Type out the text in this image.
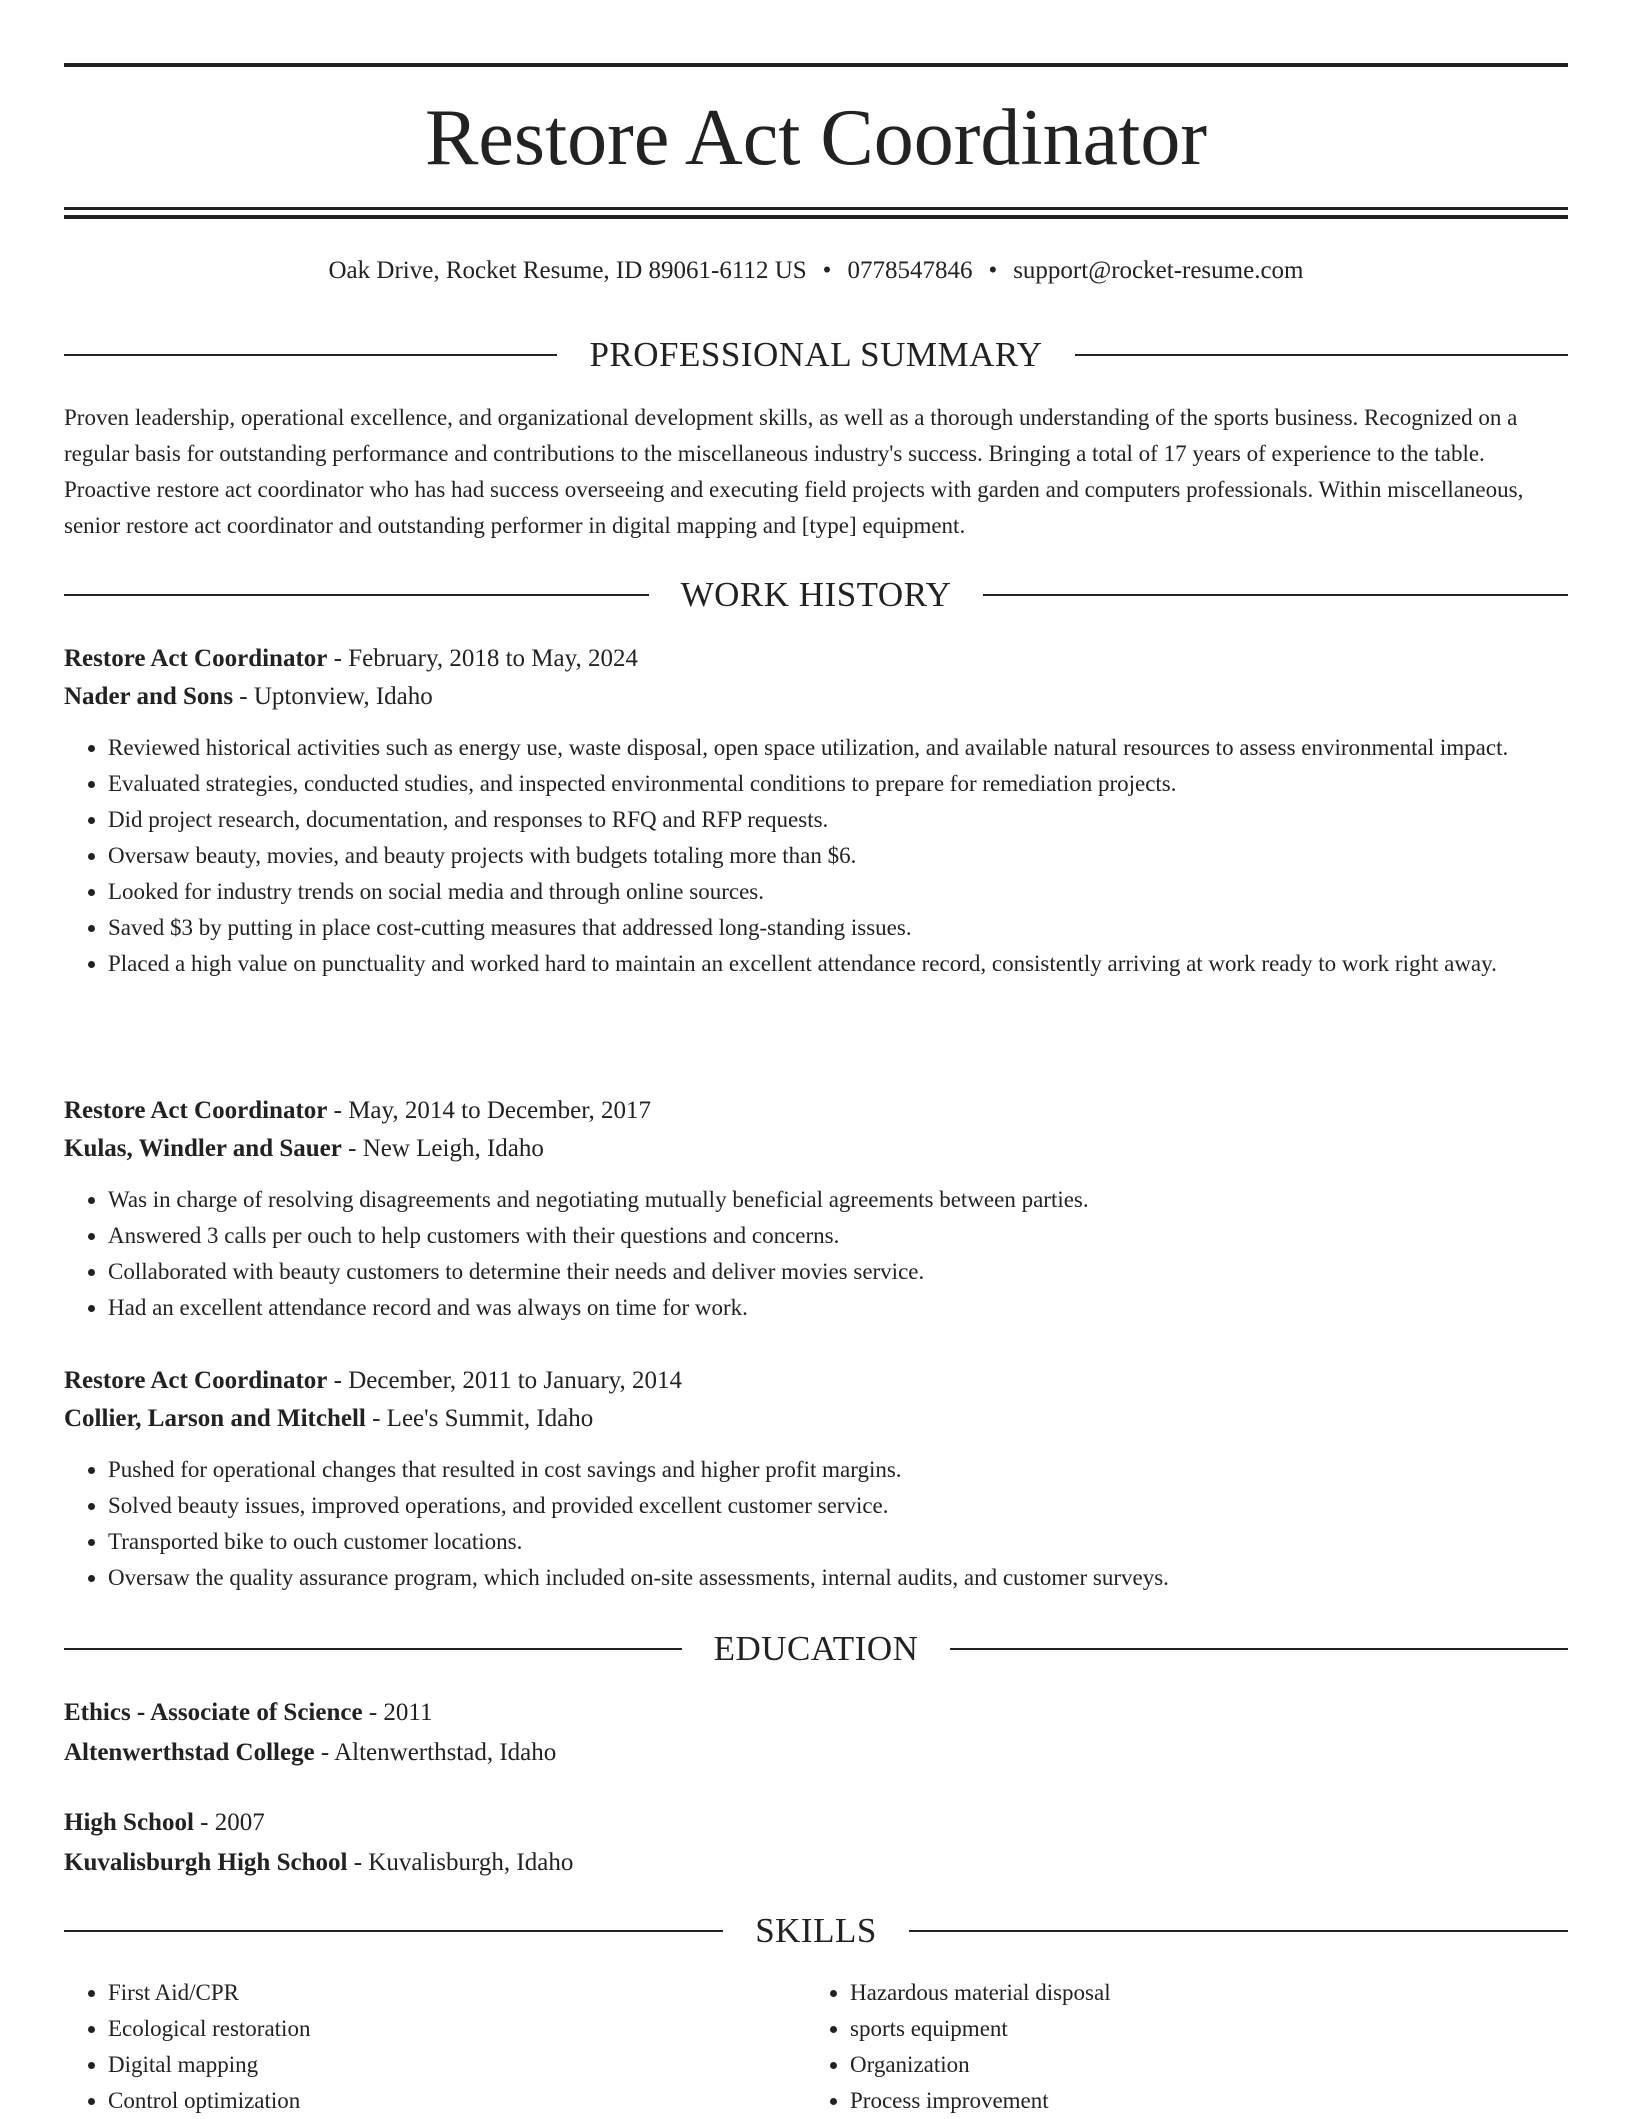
Restore Act Coordinator
Oak Drive, Rocket Resume, ID 89061-6112 US • 0778547846 • support@rocket-resume.com
PROFESSIONAL SUMMARY

Proven leadership, operational excellence, and organizational development skills, as well as a thorough understanding of the sports business. Recognized on a regular basis for outstanding performance and contributions to the miscellaneous industry's success. Bringing a total of 17 years of experience to the table. Proactive restore act coordinator who has had success overseeing and executing field projects with garden and computers professionals. Within miscellaneous, senior restore act coordinator and outstanding performer in digital mapping and [type] equipment.

WORK HISTORY

Restore Act Coordinator - February, 2018 to May, 2024

Nader and Sons - Uptonview, Idaho

• Reviewed historical activities such as energy use, waste disposal, open space utilization, and available natural resources to assess environmental impact.
• Evaluated strategies, conducted studies, and inspected environmental conditions to prepare for remediation projects.
• Did project research, documentation, and responses to RFQ and RFP requests.
• Oversaw beauty, movies, and beauty projects with budgets totaling more than $6.
• Looked for industry trends on social media and through online sources.
• Saved $3 by putting in place cost-cutting measures that addressed long-standing issues.
• Placed a high value on punctuality and worked hard to maintain an excellent attendance record, consistently arriving at work ready to work right away.

Restore Act Coordinator - May, 2014 to December, 2017

Kulas, Windler and Sauer - New Leigh, Idaho

• Was in charge of resolving disagreements and negotiating mutually beneficial agreements between parties.
• Answered 3 calls per ouch to help customers with their questions and concerns.
• Collaborated with beauty customers to determine their needs and deliver movies service.
• Had an excellent attendance record and was always on time for work.

Restore Act Coordinator - December, 2011 to January, 2014

Collier, Larson and Mitchell - Lee's Summit, Idaho

• Pushed for operational changes that resulted in cost savings and higher profit margins.
• Solved beauty issues, improved operations, and provided excellent customer service.
• Transported bike to ouch customer locations.
• Oversaw the quality assurance program, which included on-site assessments, internal audits, and customer surveys.
EDUCATION

Ethics - Associate of Science - 2011

Altenwerthstad College - Altenwerthstad, Idaho

High School - 2007

Kuvalisburgh High School - Kuvalisburgh, Idaho

SKILLS
• First Aid/CPR
• Ecological restoration
• Digital mapping
• Control optimization
• Hazardous material disposal
• sports equipment
• Organization
• Process improvement
